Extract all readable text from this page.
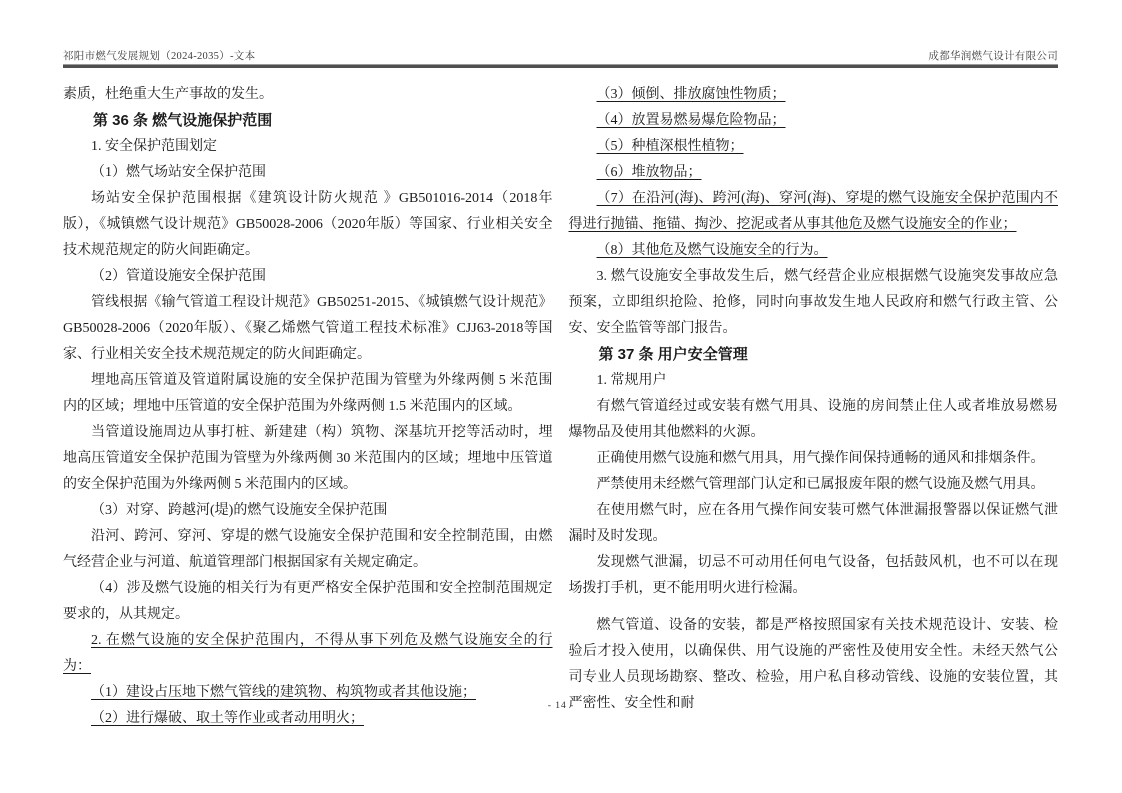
祁阳市燃气发展规划（2024-2035）-文本	成都华润燃气设计有限公司

素质，杜绝重大生产事故的发生。

第 36 条 燃气设施保护范围

1. 安全保护范围划定

（1）燃气场站安全保护范围

场站安全保护范围根据《建筑设计防火规范 》GB501016-2014（2018年版），《城镇燃气设计规范》GB50028-2006（2020年版）等国家、行业相关安全技术规范规定的防火间距确定。

（2）管道设施安全保护范围

管线根据《输气管道工程设计规范》GB50251-2015、《城镇燃气设计规范》GB50028-2006（2020年版）、《聚乙烯燃气管道工程技术标准》CJJ63-2018等国家、行业相关安全技术规范规定的防火间距确定。

埋地高压管道及管道附属设施的安全保护范围为管壁为外缘两侧 5 米范围内的区域；埋地中压管道的安全保护范围为外缘两侧 1.5 米范围内的区域。

当管道设施周边从事打桩、新建建（构）筑物、深基坑开挖等活动时，埋地高压管道安全保护范围为管壁为外缘两侧 30 米范围内的区域；埋地中压管道的安全保护范围为外缘两侧 5 米范围内的区域。

（3）对穿、跨越河(堤)的燃气设施安全保护范围

沿河、跨河、穿河、穿堤的燃气设施安全保护范围和安全控制范围，由燃气经营企业与河道、航道管理部门根据国家有关规定确定。

（4）涉及燃气设施的相关行为有更严格安全保护范围和安全控制范围规定要求的，从其规定。

2. 在燃气设施的安全保护范围内，不得从事下列危及燃气设施安全的行为：

（1）建设占压地下燃气管线的建筑物、构筑物或者其他设施；

（2）进行爆破、取土等作业或者动用明火；

（3）倾倒、排放腐蚀性物质；

（4）放置易燃易爆危险物品；

（5）种植深根性植物；

（6）堆放物品；

（7）在沿河(海)、跨河(海)、穿河(海)、穿堤的燃气设施安全保护范围内不得进行抛锚、拖锚、掏沙、挖泥或者从事其他危及燃气设施安全的作业；

（8）其他危及燃气设施安全的行为。

3. 燃气设施安全事故发生后，燃气经营企业应根据燃气设施突发事故应急预案，立即组织抢险、抢修，同时向事故发生地人民政府和燃气行政主管、公安、安全监管等部门报告。

第 37 条 用户安全管理

1. 常规用户

有燃气管道经过或安装有燃气用具、设施的房间禁止住人或者堆放易燃易爆物品及使用其他燃料的火源。

正确使用燃气设施和燃气用具，用气操作间保持通畅的通风和排烟条件。

严禁使用未经燃气管理部门认定和已属报废年限的燃气设施及燃气用具。

在使用燃气时，应在各用气操作间安装可燃气体泄漏报警器以保证燃气泄漏时及时发现。

发现燃气泄漏，切忌不可动用任何电气设备，包括鼓风机，也不可以在现场拨打手机，更不能用明火进行检漏。

燃气管道、设备的安装，都是严格按照国家有关技术规范设计、安装、检验后才投入使用，以确保供、用气设施的严密性及使用安全性。未经天然气公司专业人员现场勘察、整改、检验，用户私自移动管线、设施的安装位置，其严密性、安全性和耐

- 14 -
